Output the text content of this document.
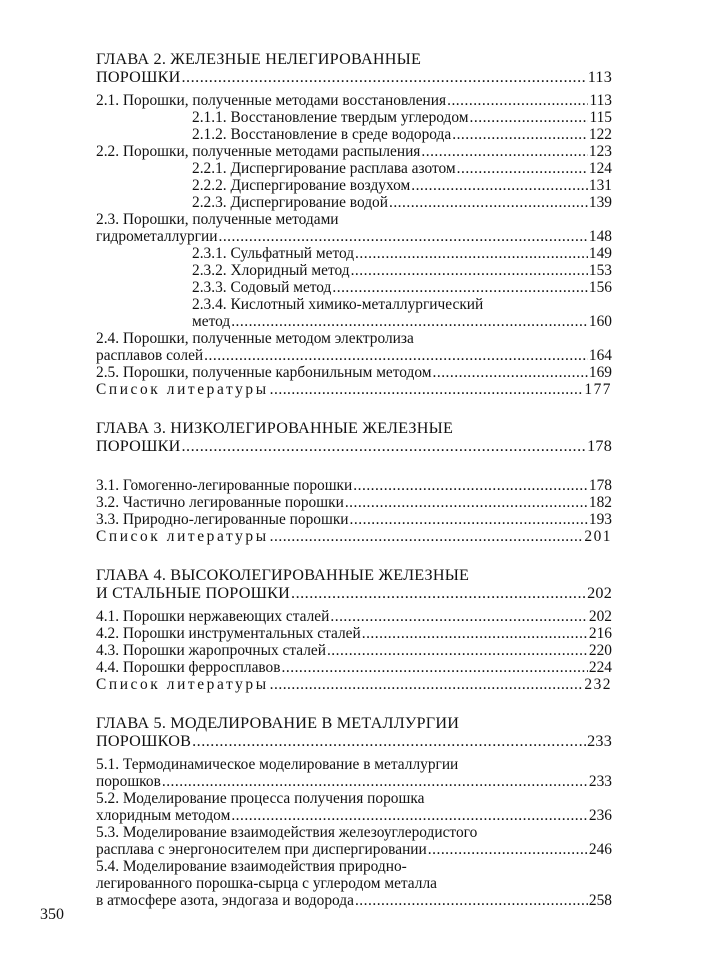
ГЛАВА 2. ЖЕЛЕЗНЫЕ НЕЛЕГИРОВАННЫЕ
ПОРОШКИ .....	113
2.1. Порошки, полученные методами восстановления .....	113
2.1.1. Восстановление твердым углеродом .....	115
2.1.2. Восстановление в среде водорода .....	122
2.2. Порошки, полученные методами распыления .....	123
2.2.1. Диспергирование расплава азотом .....	124
2.2.2. Диспергирование воздухом .....	131
2.2.3. Диспергирование водой .....	139
2.3. Порошки, полученные методами
гидрометаллургии .....	148
2.3.1. Сульфатный метод .....	149
2.3.2. Хлоридный метод .....	153
2.3.3. Содовый метод .....	156
2.3.4. Кислотный химико-металлургический
метод .....	160
2.4. Порошки, полученные методом электролиза
расплавов солей .....	164
2.5. Порошки, полученные карбонильным методом .....	169
Список литературы .....	177
ГЛАВА 3. НИЗКОЛЕГИРОВАННЫЕ ЖЕЛЕЗНЫЕ
ПОРОШКИ .....	178
3.1. Гомогенно-легированные порошки .....	178
3.2. Частично легированные порошки .....	182
3.3. Природно-легированные порошки .....	193
Список литературы .....	201
ГЛАВА 4. ВЫСОКОЛЕГИРОВАННЫЕ ЖЕЛЕЗНЫЕ
И СТАЛЬНЫЕ ПОРОШКИ .....	202
4.1. Порошки нержавеющих сталей .....	202
4.2. Порошки инструментальных сталей .....	216
4.3. Порошки жаропрочных сталей .....	220
4.4. Порошки ферросплавов .....	224
Список литературы .....	232
ГЛАВА 5. МОДЕЛИРОВАНИЕ В МЕТАЛЛУРГИИ
ПОРОШКОВ .....	233
5.1. Термодинамическое моделирование в металлургии
порошков .....	233
5.2. Моделирование процесса получения порошка
хлоридным методом .....	236
5.3. Моделирование взаимодействия железоуглеродистого
расплава с энергоносителем при диспергировании .....	246
5.4. Моделирование взаимодействия природно-
легированного порошка-сырца с углеродом металла
в атмосфере азота, эндогаза и водорода .....	258
350
